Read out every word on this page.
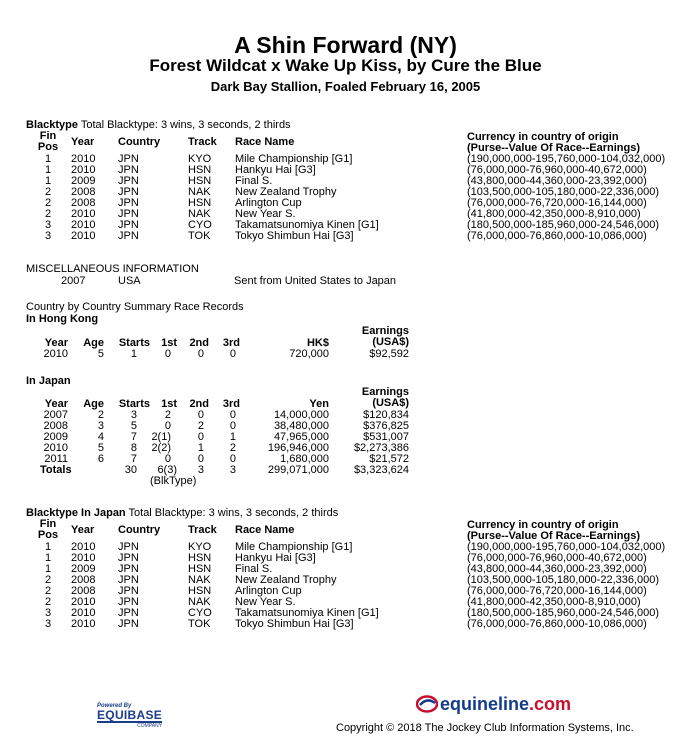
A Shin Forward (NY)
Forest Wildcat x Wake Up Kiss, by Cure the Blue
Dark Bay Stallion, Foaled February 16, 2005
Blacktype Total Blacktype: 3 wins, 3 seconds, 2 thirds
Fin
Pos	Year Country	Track Race Name	Currency in country of origin
(Purse--Value Of Race--Earnings)
1	2010 JPN	KYO Mile Championship [G1]	(190,000,000-195,760,000-104,032,000)
1	2010 JPN	HSN Hankyu Hai [G3]	(76,000,000-76,960,000-40,672,000)
1	2009 JPN	HSN Final S.	(43,800,000-44,360,000-23,392,000)
2	2008 JPN	NAK New Zealand Trophy	(103,500,000-105,180,000-22,336,000)
2	2008 JPN	HSN Arlington Cup	(76,000,000-76,720,000-16,144,000)
2	2010 JPN	NAK New Year S.	(41,800,000-42,350,000-8,910,000)
3	2010 JPN	CYO Takamatsunomiya Kinen [G1]	(180,500,000-185,960,000-24,546,000)
3	2010 JPN	TOK Tokyo Shimbun Hai [G3]	(76,000,000-76,860,000-10,086,000)
MISCELLANEOUS INFORMATION
2007	USA	Sent from United States to Japan
Country by Country Summary Race Records
In Hong Kong
Earnings
(USA$)
Year Age Starts 1st 2nd 3rd	HK$
2010	5 1	0 0 0	720,000	$92,592
In Japan
Earnings
(USA$)
Year Age Starts 1st 2nd 3rd	Yen
2007	2 3	2 0 0	14,000,000	$120,834
2008	3 5	0 2 0	38,480,000	$376,825
2009	4 7 2(1) 0 1	47,965,000	$531,007
2010	5 8 2(2) 1 2	196,946,000 $2,273,386
2011	6 7	0 0 0	1,680,000	$21,572
Totals	30 6(3) 3 3	299,071,000 $3,323,624
(BlkType)
Blacktype In Japan Total Blacktype: 3 wins, 3 seconds, 2 thirds
Fin
Pos	Year Country	Track Race Name	Currency in country of origin
(Purse--Value Of Race--Earnings)
1	2010 JPN	KYO Mile Championship [G1]	(190,000,000-195,760,000-104,032,000)
1	2010 JPN	HSN Hankyu Hai [G3]	(76,000,000-76,960,000-40,672,000)
1	2009 JPN	HSN Final S.	(43,800,000-44,360,000-23,392,000)
2	2008 JPN	NAK New Zealand Trophy	(103,500,000-105,180,000-22,336,000)
2	2008 JPN	HSN Arlington Cup	(76,000,000-76,720,000-16,144,000)
2	2010 JPN	NAK New Year S.	(41,800,000-42,350,000-8,910,000)
3	2010 JPN	CYO Takamatsunomiya Kinen [G1]	(180,500,000-185,960,000-24,546,000)
3	2010 JPN	TOK Tokyo Shimbun Hai [G3]	(76,000,000-76,860,000-10,086,000)
Powered By
EQUIBASE
COMPANY
equineline.com
Copyright © 2018 The Jockey Club Information Systems, Inc.
